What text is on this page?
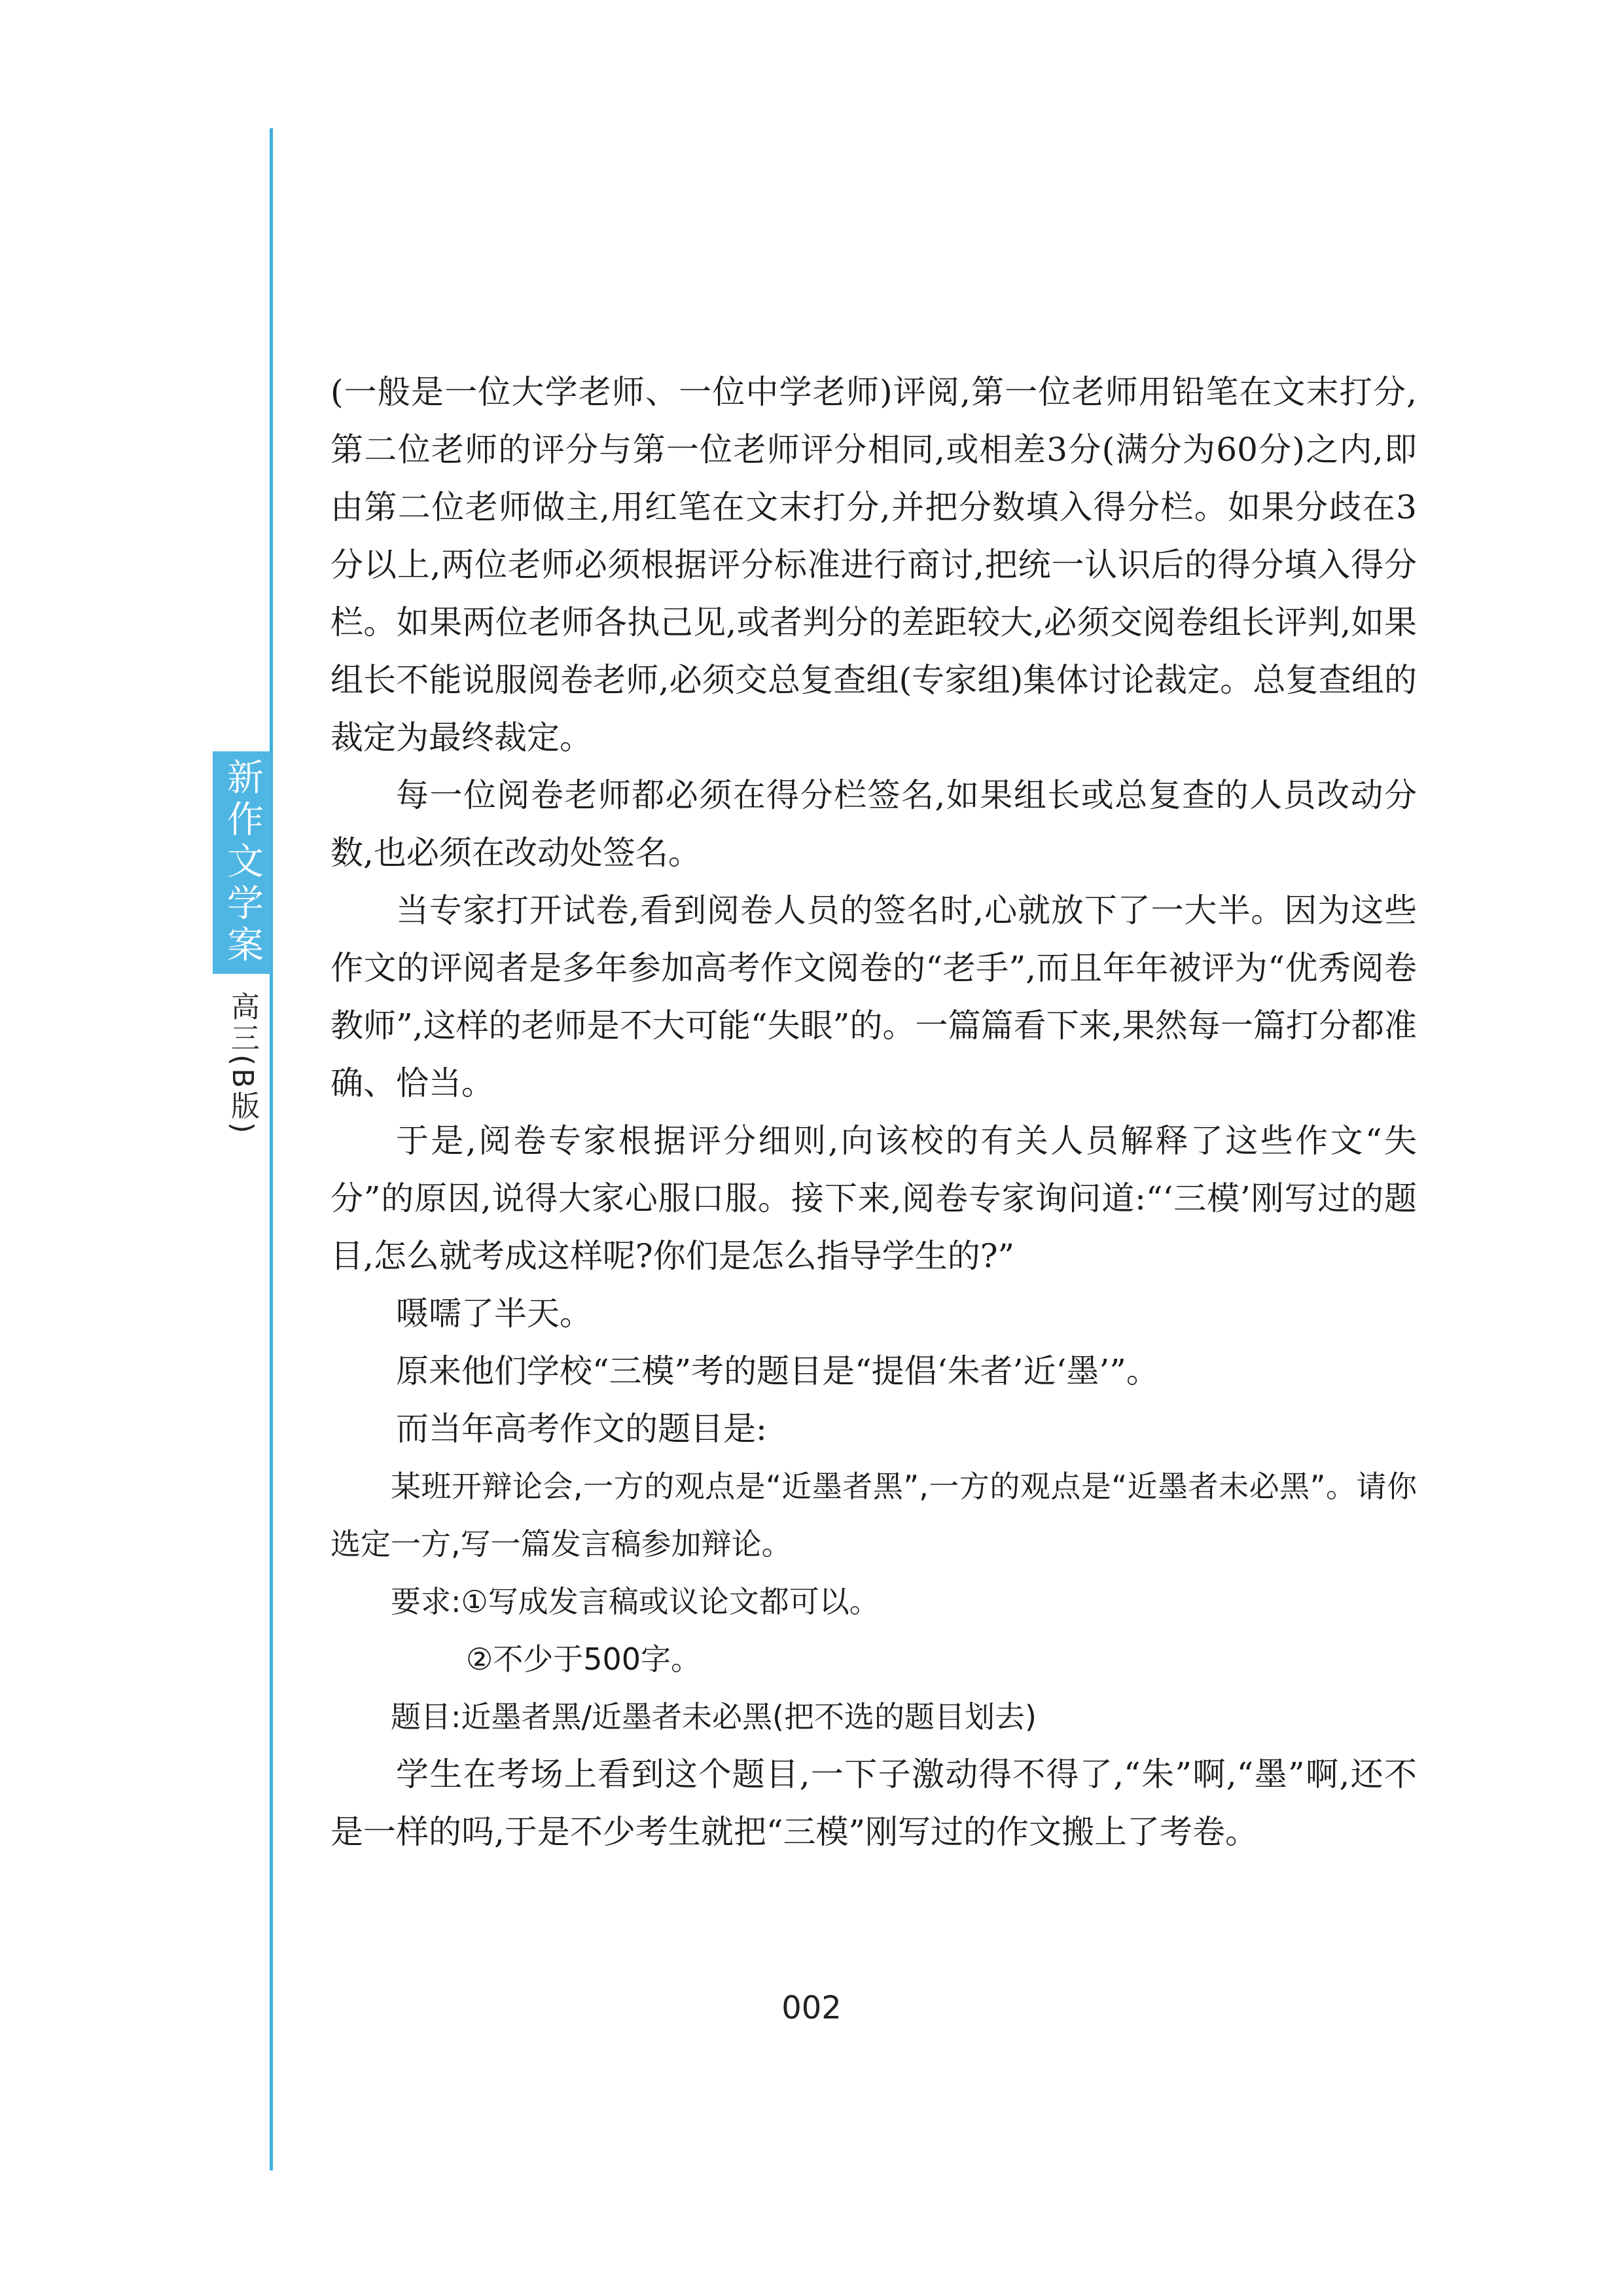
新作文学案
高三(B版)

(一般是一位大学老师、一位中学老师)评阅,第一位老师用铅笔在文末打分,第二位老师的评分与第一位老师评分相同,或相差3分(满分为60分)之内,即由第二位老师做主,用红笔在文末打分,并把分数填入得分栏。如果分歧在3分以上,两位老师必须根据评分标准进行商讨,把统一认识后的得分填入得分栏。如果两位老师各执己见,或者判分的差距较大,必须交阅卷组长评判,如果组长不能说服阅卷老师,必须交总复查组(专家组)集体讨论裁定。总复查组的裁定为最终裁定。

每一位阅卷老师都必须在得分栏签名,如果组长或总复查的人员改动分数,也必须在改动处签名。

当专家打开试卷,看到阅卷人员的签名时,心就放下了一大半。因为这些作文的评阅者是多年参加高考作文阅卷的“老手”,而且年年被评为“优秀阅卷教师”,这样的老师是不大可能“失眼”的。一篇篇看下来,果然每一篇打分都准确、恰当。

于是,阅卷专家根据评分细则,向该校的有关人员解释了这些作文“失分”的原因,说得大家心服口服。接下来,阅卷专家询问道:“‘三模’刚写过的题目,怎么就考成这样呢?你们是怎么指导学生的?”

嗫嚅了半天。

原来他们学校“三模”考的题目是“提倡‘朱者’近‘墨’”。

而当年高考作文的题目是:

某班开辩论会,一方的观点是“近墨者黑”,一方的观点是“近墨者未必黑”。请你选定一方,写一篇发言稿参加辩论。

要求:①写成发言稿或议论文都可以。

②不少于500字。

题目:近墨者黑/近墨者未必黑(把不选的题目划去)

学生在考场上看到这个题目,一下子激动得不得了,“朱”啊,“墨”啊,还不是一样的吗,于是不少考生就把“三模”刚写过的作文搬上了考卷。

002
